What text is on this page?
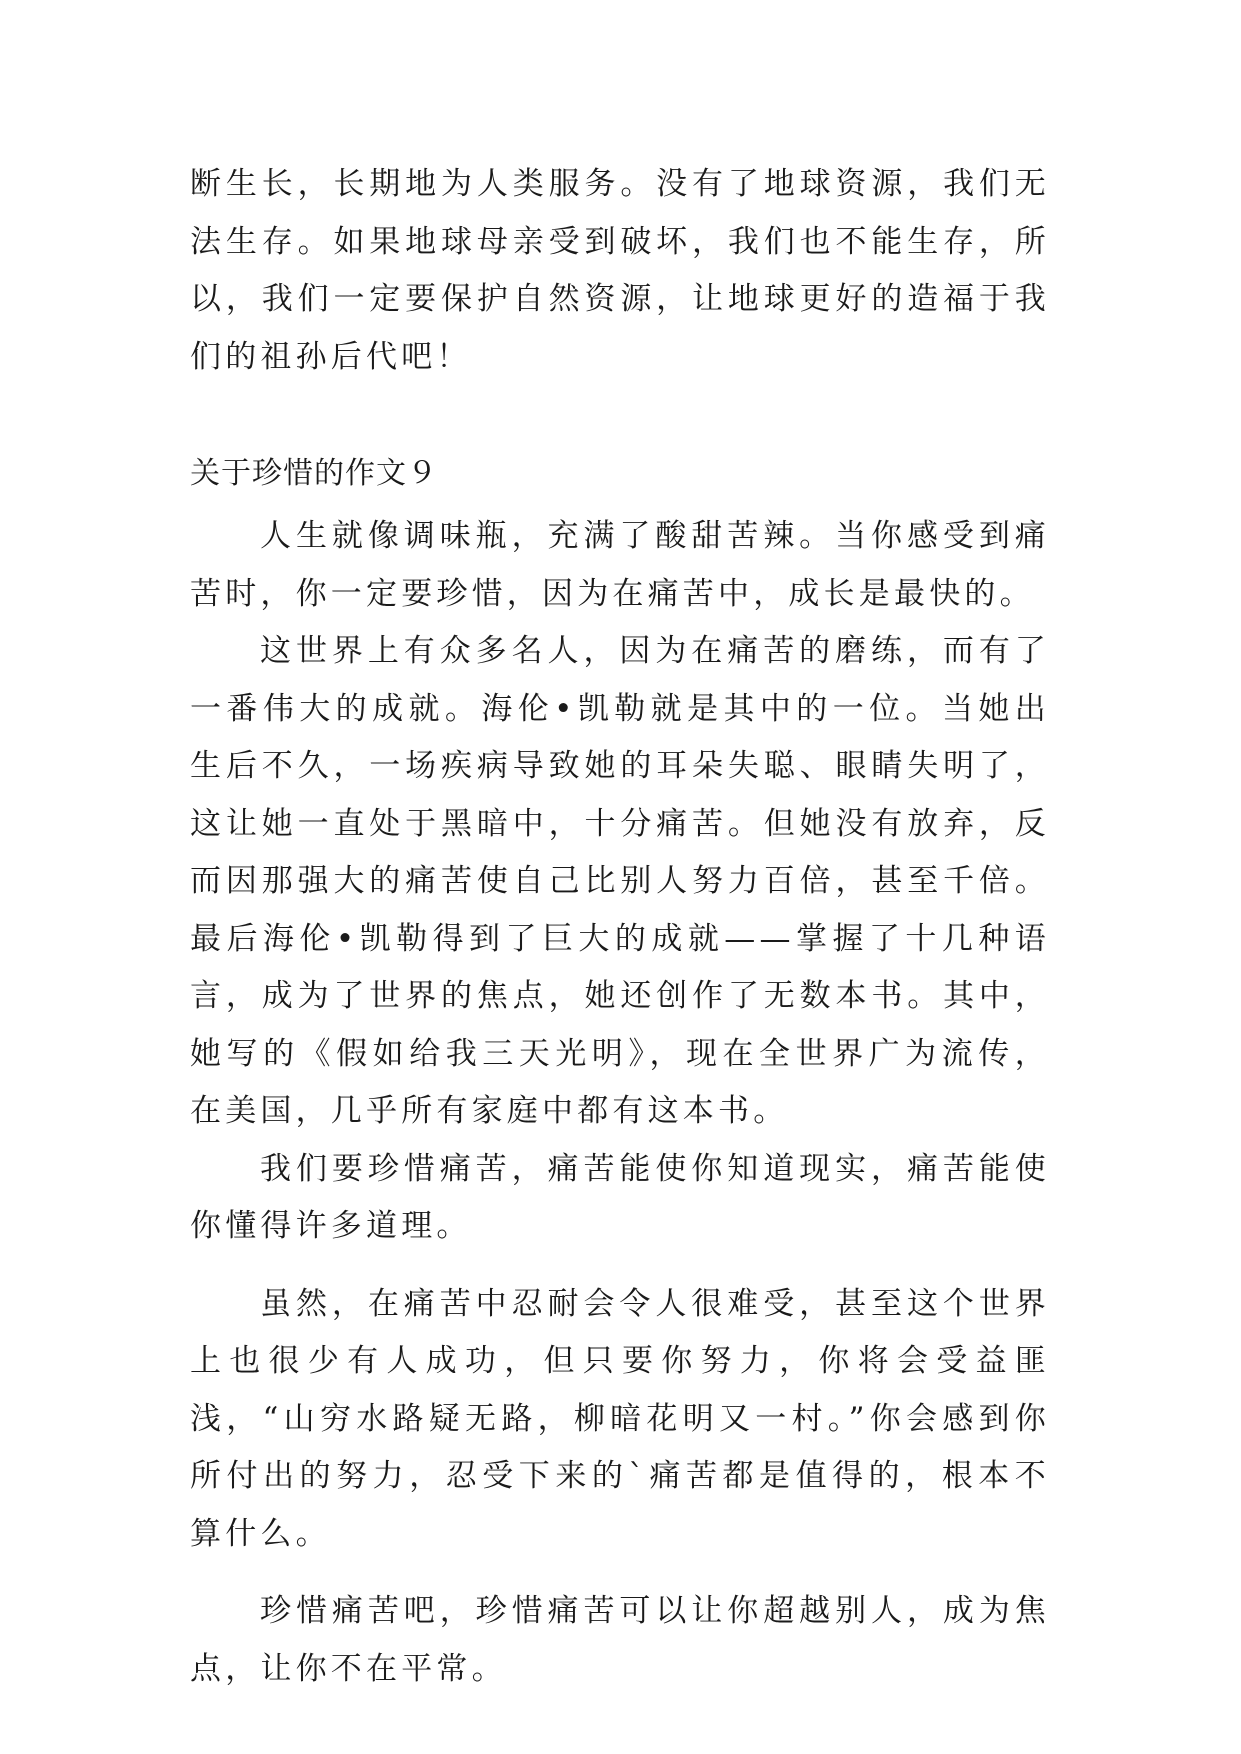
断生长，长期地为人类服务。没有了地球资源，我们无法生存。如果地球母亲受到破坏，我们也不能生存，所以，我们一定要保护自然资源，让地球更好的造福于我们的祖孙后代吧！

关于珍惜的作文９

人生就像调味瓶，充满了酸甜苦辣。当你感受到痛苦时，你一定要珍惜，因为在痛苦中，成长是最快的。

这世界上有众多名人，因为在痛苦的磨练，而有了一番伟大的成就。海伦•凯勒就是其中的一位。当她出生后不久，一场疾病导致她的耳朵失聪、眼睛失明了，这让她一直处于黑暗中，十分痛苦。但她没有放弃，反而因那强大的痛苦使自己比别人努力百倍，甚至千倍。最后海伦•凯勒得到了巨大的成就——掌握了十几种语言，成为了世界的焦点，她还创作了无数本书。其中，她写的《假如给我三天光明》，现在全世界广为流传，在美国，几乎所有家庭中都有这本书。

我们要珍惜痛苦，痛苦能使你知道现实，痛苦能使你懂得许多道理。

虽然，在痛苦中忍耐会令人很难受，甚至这个世界上也很少有人成功，但只要你努力，你将会受益匪浅，“山穷水路疑无路，柳暗花明又一村。”你会感到你所付出的努力，忍受下来的`痛苦都是值得的，根本不算什么。

珍惜痛苦吧，珍惜痛苦可以让你超越别人，成为焦点，让你不在平常。
